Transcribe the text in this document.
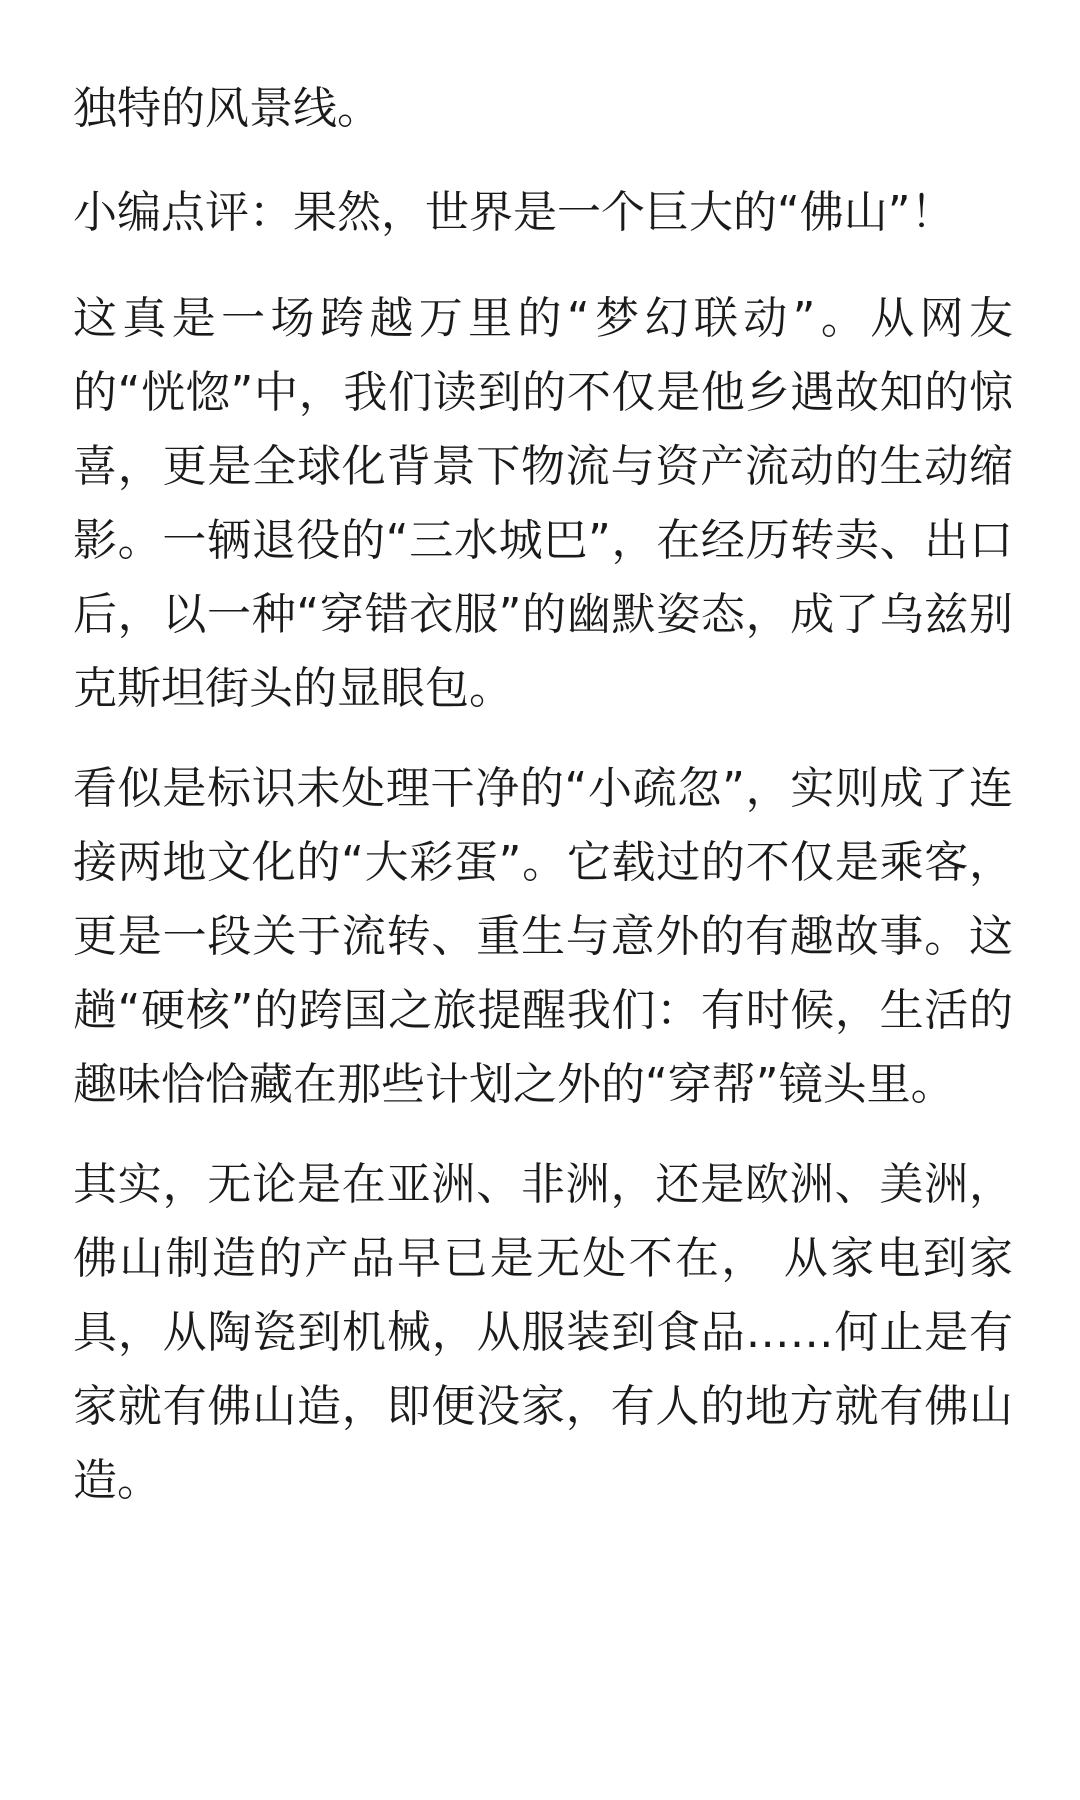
独特的风景线。

小编点评：果然，世界是一个巨大的“佛山”！

这真是一场跨越万里的“梦幻联动”。从网友的“恍惚”中，我们读到的不仅是他乡遇故知的惊喜，更是全球化背景下物流与资产流动的生动缩影。一辆退役的“三水城巴”，在经历转卖、出口后，以一种“穿错衣服”的幽默姿态，成了乌兹别克斯坦街头的显眼包。

看似是标识未处理干净的“小疏忽”，实则成了连接两地文化的“大彩蛋”。它载过的不仅是乘客，更是一段关于流转、重生与意外的有趣故事。这趟“硬核”的跨国之旅提醒我们：有时候，生活的趣味恰恰藏在那些计划之外的“穿帮”镜头里。

其实，无论是在亚洲、非洲，还是欧洲、美洲，佛山制造的产品早已是无处不在， 从家电到家具，从陶瓷到机械，从服装到食品……何止是有家就有佛山造，即便没家，有人的地方就有佛山造。
